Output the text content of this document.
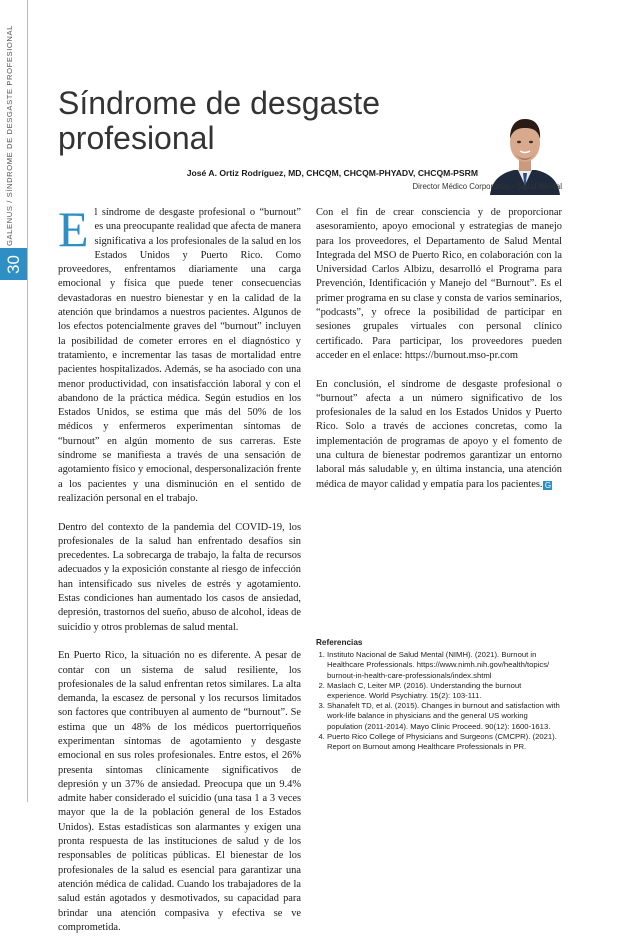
GALENUS / SÍNDROME DE DESGASTE PROFESIONAL
30
Síndrome de desgaste
profesional
José A. Ortiz Rodríguez, MD, CHCQM, CHCQM-PHYADV, CHCQM-PSRM
Director Médico Corporativo - Salud Mental

El síndrome de desgaste profesional o “burnout” es una preocupante realidad que afecta de manera significativa a los profesionales de la salud en los Estados Unidos y Puerto Rico. Como proveedores, enfrentamos diariamente una carga emocional y física que puede tener consecuencias devastadoras en nuestro bienestar y en la calidad de la atención que brindamos a nuestros pacientes. Algunos de los efectos potencialmente graves del “burnout” incluyen la posibilidad de cometer errores en el diagnóstico y tratamiento, e incrementar las tasas de mortalidad entre pacientes hospitalizados. Además, se ha asociado con una menor productividad, con insatisfacción laboral y con el abandono de la práctica médica. Según estudios en los Estados Unidos, se estima que más del 50% de los médicos y enfermeros experimentan síntomas de “burnout” en algún momento de sus carreras. Este síndrome se manifiesta a través de una sensación de agotamiento físico y emocional, despersonalización frente a los pacientes y una disminución en el sentido de realización personal en el trabajo.

Dentro del contexto de la pandemia del COVID-19, los profesionales de la salud han enfrentado desafíos sin precedentes. La sobrecarga de trabajo, la falta de recursos adecuados y la exposición constante al riesgo de infección han intensificado sus niveles de estrés y agotamiento. Estas condiciones han aumentado los casos de ansiedad, depresión, trastornos del sueño, abuso de alcohol, ideas de suicidio y otros problemas de salud mental.

En Puerto Rico, la situación no es diferente. A pesar de contar con un sistema de salud resiliente, los profesionales de la salud enfrentan retos similares. La alta demanda, la escasez de personal y los recursos limitados son factores que contribuyen al aumento de “burnout”. Se estima que un 48% de los médicos puertorriqueños experimentan síntomas de agotamiento y desgaste emocional en sus roles profesionales. Entre estos, el 26% presenta síntomas clínicamente significativos de depresión y un 37% de ansiedad. Preocupa que un 9.4% admite haber considerado el suicidio (una tasa 1 a 3 veces mayor que la de la población general de los Estados Unidos). Estas estadísticas son alarmantes y exigen una pronta respuesta de las instituciones de salud y de los responsables de políticas públicas. El bienestar de los profesionales de la salud es esencial para garantizar una atención médica de calidad. Cuando los trabajadores de la salud están agotados y desmotivados, su capacidad para brindar una atención compasiva y efectiva se ve comprometida.

Con el fin de crear consciencia y de proporcionar asesoramiento, apoyo emocional y estrategias de manejo para los proveedores, el Departamento de Salud Mental Integrada del MSO de Puerto Rico, en colaboración con la Universidad Carlos Albizu, desarrolló el Programa para Prevención, Identificación y Manejo del “Burnout”. Es el primer programa en su clase y consta de varios seminarios, “podcasts”, y ofrece la posibilidad de participar en sesiones grupales virtuales con personal clínico certificado. Para participar, los proveedores pueden acceder en el enlace: https://burnout.mso-pr.com

En conclusión, el síndrome de desgaste profesional o “burnout” afecta a un número significativo de los profesionales de la salud en los Estados Unidos y Puerto Rico. Solo a través de acciones concretas, como la implementación de programas de apoyo y el fomento de una cultura de bienestar podremos garantizar un entorno laboral más saludable y, en última instancia, una atención médica de mayor calidad y empatía para los pacientes. G

Referencias
1. Instituto Nacional de Salud Mental (NIMH). (2021). Burnout in Healthcare Professionals. https://www.nimh.nih.gov/health/topics/ burnout-in-health-care-professionals/index.shtml
2. Maslach C, Leiter MP. (2016). Understanding the burnout experience. World Psychiatry. 15(2): 103-111.
3. Shanafelt TD, et al. (2015). Changes in burnout and satisfaction with work-life balance in physicians and the general US working population (2011-2014). Mayo Clinic Proceed. 90(12): 1600-1613.
4. Puerto Rico College of Physicians and Surgeons (CMCPR). (2021). Report on Burnout among Healthcare Professionals in PR.
